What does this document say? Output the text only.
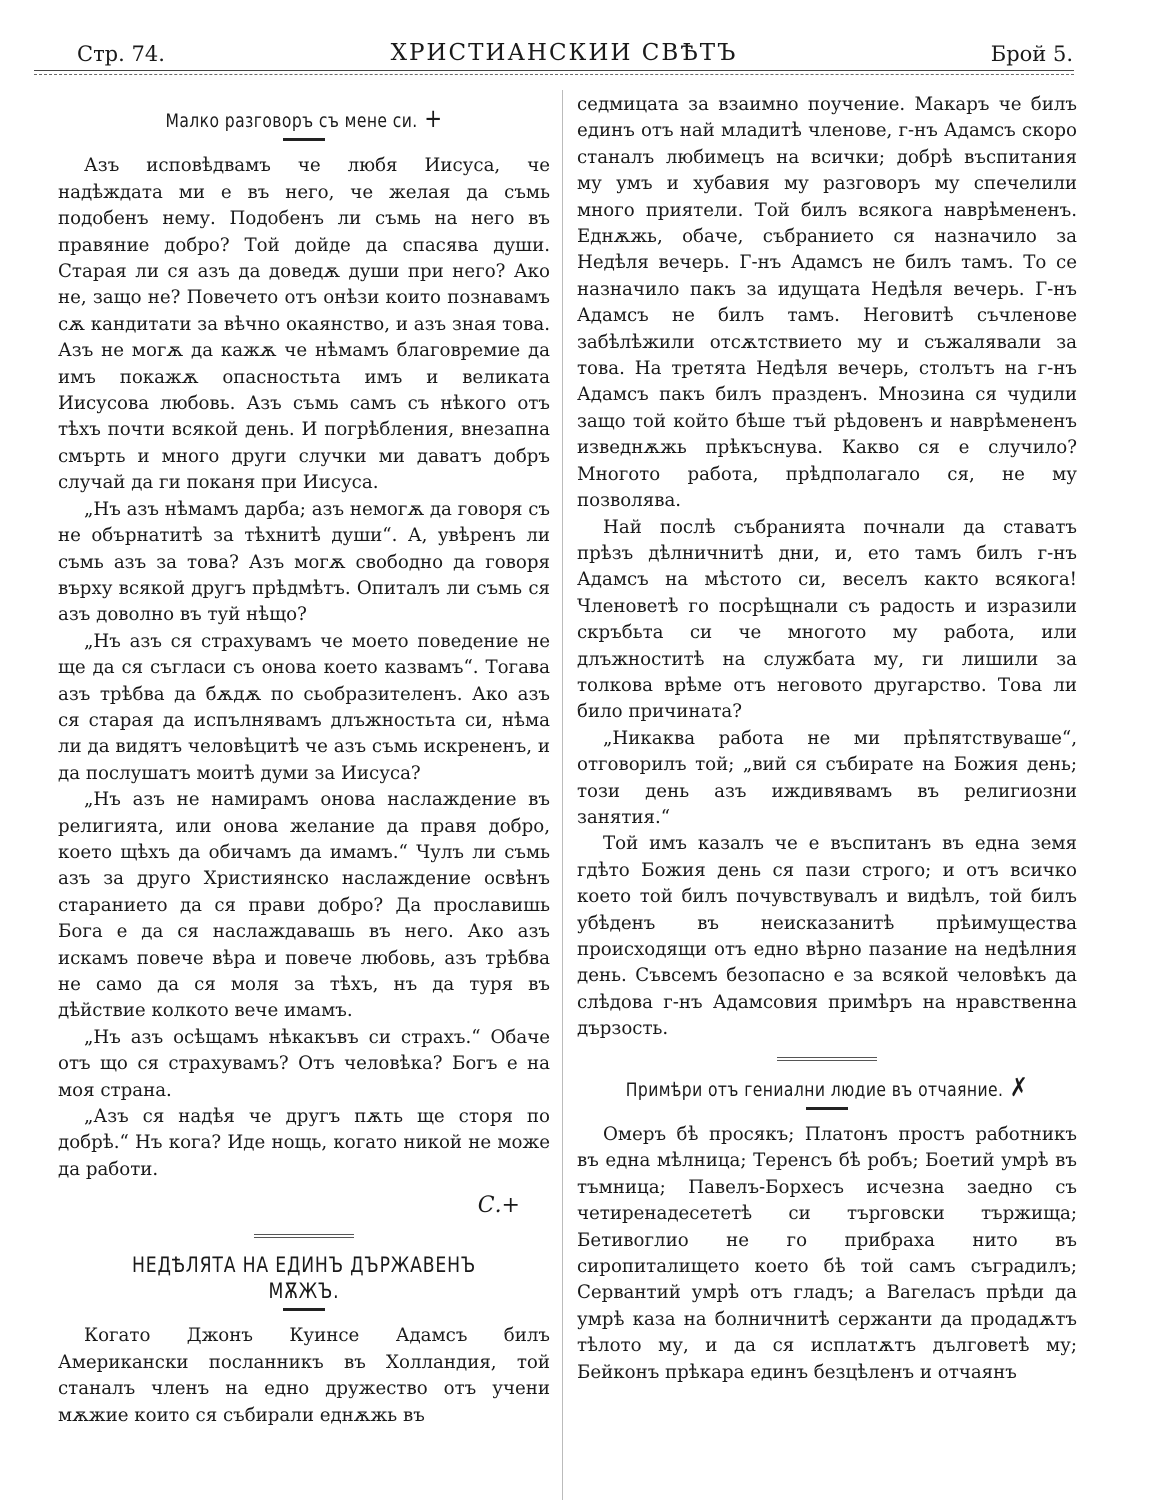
Стр. 74.	ХРИСТИАНСКИИ СВѢТЪ	Брой 5.
Малко разговоръ съ мене си. +

Азъ исповѣдвамъ че любя Иисуса, че надѣждата ми е въ него, че желая да съмь подобенъ нему. Подобенъ ли съмь на него въ правяние добро? Той дойде да спасява души. Старая ли ся азъ да доведѫ души при него? Ако не, защо не? Повечето отъ онѣзи които познавамъ сѫ кандитати за вѣчно окаянство, и азъ зная това. Азъ не могѫ да кажѫ че нѣмамъ благовремие да имъ покажѫ опасностьта имъ и великата Иисусова любовь. Азъ съмь самъ съ нѣкого отъ тѣхъ почти всякой день. И погрѣбления, внезапна смърть и много други случки ми даватъ добръ случай да ги поканя при Иисуса.

„Нъ азъ нѣмамъ дарба; азъ немогѫ да говоря съ не обърнатитѣ за тѣхнитѣ души“. А, увѣренъ ли съмь азъ за това? Азъ могѫ свободно да говоря върху всякой другъ прѣдмѣтъ. Опиталъ ли съмь ся азъ доволно въ туй нѣщо?

„Нъ азъ ся страхувамъ че моето поведение не ще да ся съгласи съ онова което казвамъ“. Тогава азъ трѣбва да бѫдѫ по сьобразителенъ. Ако азъ ся старая да испълнявамъ длъжностьта си, нѣма ли да видятъ человѣцитѣ че азъ съмь искрененъ, и да послушатъ моитѣ думи за Иисуса?

„Нъ азъ не намирамъ онова наслаждение въ религията, или онова желание да правя добро, което щѣхъ да обичамъ да имамъ.“ Чулъ ли съмь азъ за друго Християнско наслаждение освѣнъ старанието да ся прави добро? Да прославишь Бога е да ся наслаждавашь въ него. Ако азъ искамъ повече вѣра и повече любовь, азъ трѣбва не само да ся моля за тѣхъ, нъ да туря въ дѣйствие колкото вече имамъ.

„Нъ азъ осѣщамъ нѣкакъвъ си страхъ.“ Обаче отъ що ся страхувамъ? Отъ человѣка? Богъ е на моя страна.

„Азъ ся надѣя че другъ пѫть ще сторя по добрѣ.“ Нъ кога? Иде нощь, когато никой не може да работи.

С.+
НЕДѢЛЯТА НА ЕДИНЪ ДЪРЖАВЕНЪ МѪЖЪ.

Когато Джонъ Куинсе Адамсъ билъ Американски посланникъ въ Холландия, той станалъ членъ на едно дружество отъ учени мѫжие които ся събирали еднѫжь въ

седмицата за взаимно поучение. Макаръ че билъ единъ отъ най младитѣ членове, г-нъ Адамсъ скоро станалъ любимецъ на всички; добрѣ въспитания му умъ и хубавия му разговоръ му спечелили много приятели. Той билъ всякога наврѣмененъ. Еднѫжь, обаче, събранието ся назначило за Недѣля вечерь. Г-нъ Адамсъ не билъ тамъ. То се назначило пакъ за идущата Недѣля вечерь. Г-нъ Адамсъ не билъ тамъ. Неговитѣ съчленове забѣлѣжили отсѫтствието му и съжалявали за това. На третята Недѣля вечерь, столътъ на г-нъ Адамсъ пакъ билъ празденъ. Мнозина ся чудили защо той който бѣше тъй рѣдовенъ и наврѣмененъ изведнѫжь прѣкъснува. Какво ся е случило? Многото работа, прѣдполагало ся, не му позволява.

Най послѣ събранията почнали да ставатъ прѣзъ дѣлничнитѣ дни, и, ето тамъ билъ г-нъ Адамсъ на мѣстото си, веселъ както всякога! Членоветѣ го посрѣщнали съ радость и изразили скръбьта си че многото му работа, или длъжноститѣ на службата му, ги лишили за толкова врѣме отъ неговото другарство. Това ли било причината?

„Никаква работа не ми прѣпятствуваше“, отговорилъ той; „вий ся събирате на Божия день; този день азъ иждивявамъ въ религиозни занятия.“

Той имъ казалъ че е въспитанъ въ една земя гдѣто Божия день ся пази строго; и отъ всичко което той билъ почувствувалъ и видѣлъ, той билъ убѣденъ въ неисказанитѣ прѣимущества происходящи отъ едно вѣрно пазание на недѣлния день. Съвсемъ безопасно е за всякой человѣкъ да слѣдова г-нъ Адамсовия примѣръ на нравственна дързость.

Примѣри отъ гениални людие въ отчаяние. ✗

Омеръ бѣ просякъ; Платонъ простъ работникъ въ една мѣлница; Теренсъ бѣ робъ; Боетий умрѣ въ тъмница; Павелъ-Борхесъ исчезна заедно съ четиренадесететѣ си търговски тържища; Бетивоглио не го прибраха нито въ сиропиталището което бѣ той самъ съградилъ; Сервантий умрѣ отъ гладъ; а Вагеласъ прѣди да умрѣ каза на болничнитѣ сержанти да продадѫтъ тѣлото му, и да ся исплатѫтъ дълговетѣ му; Бейконъ прѣкара единъ безцѣленъ и отчаянъ
